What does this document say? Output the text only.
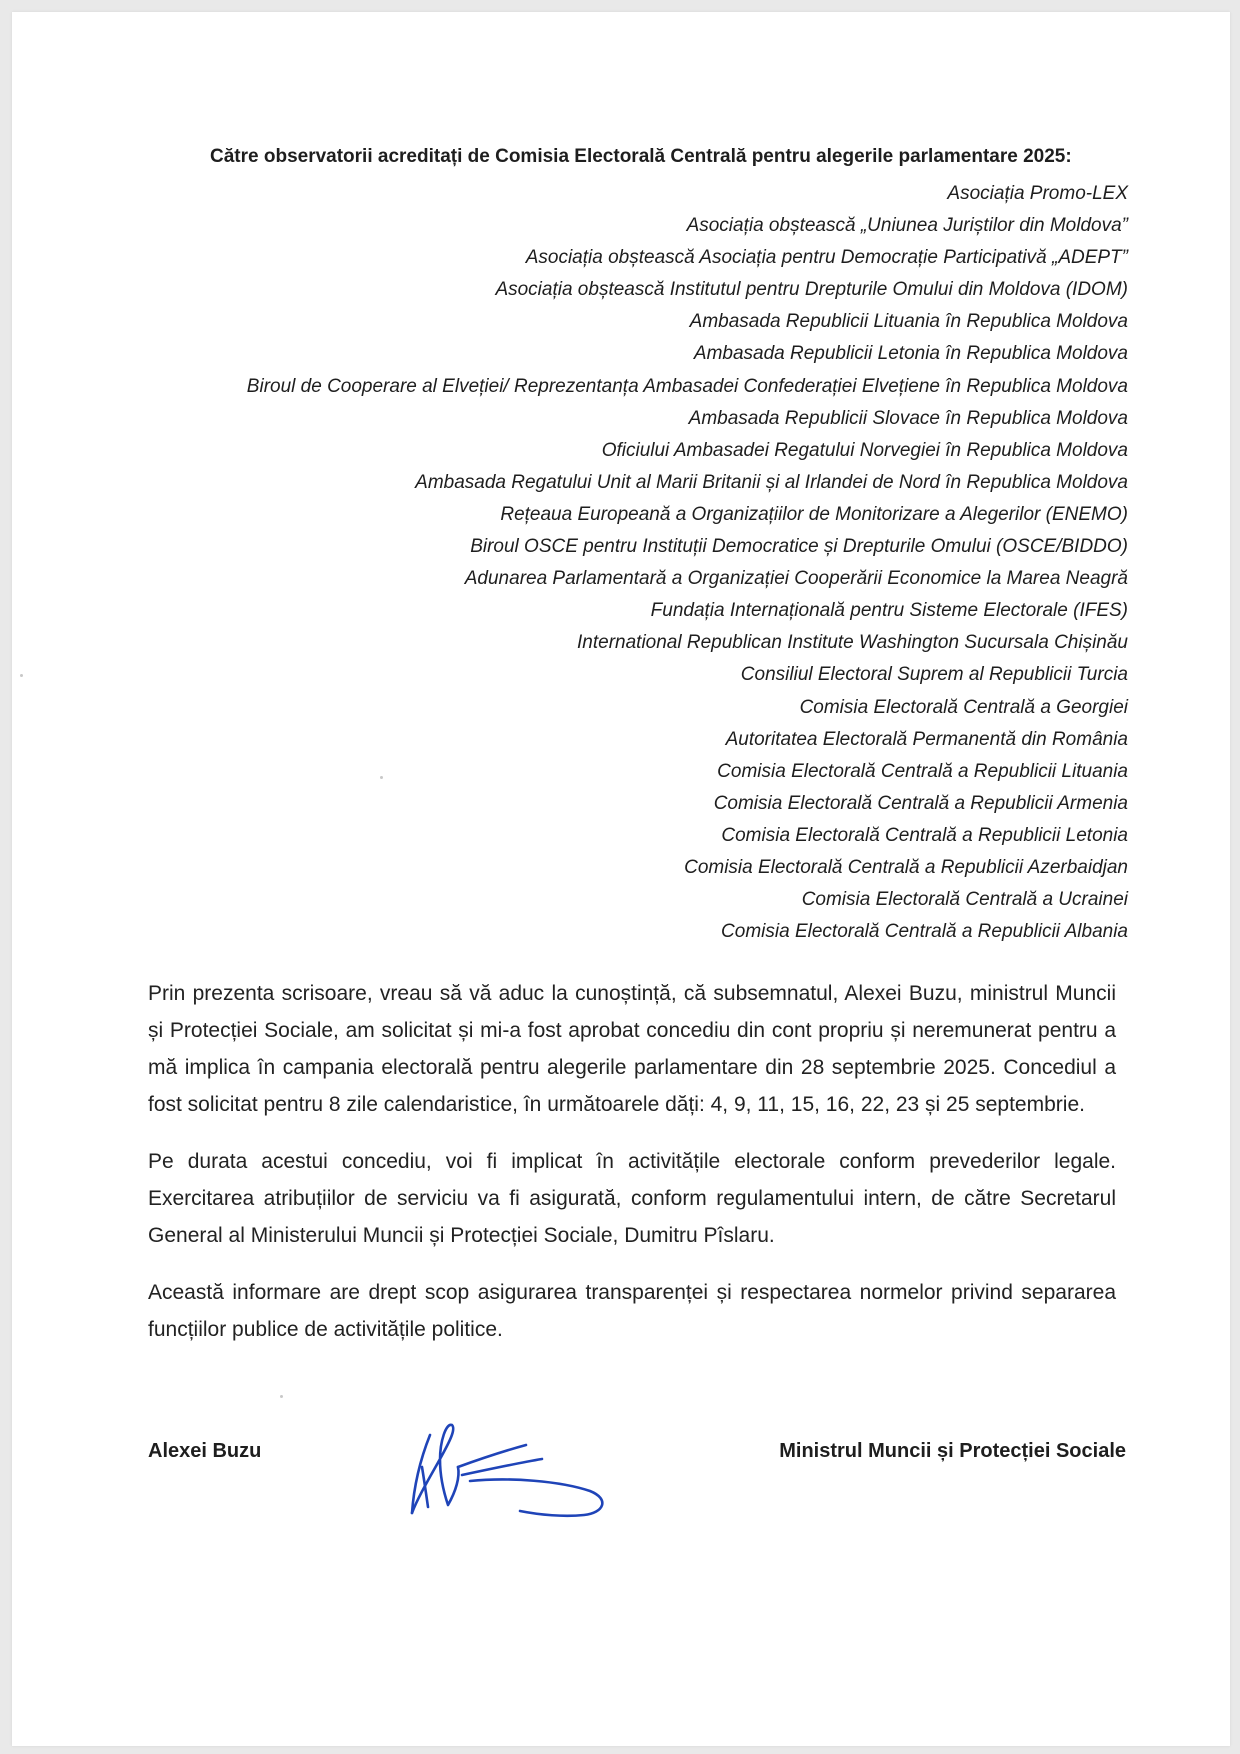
Către observatorii acreditați de Comisia Electorală Centrală pentru alegerile parlamentare 2025:
Asociația Promo-LEX
Asociația obștească „Uniunea Juriștilor din Moldova”
Asociația obștească Asociația pentru Democrație Participativă „ADEPT”
Asociația obștească Institutul pentru Drepturile Omului din Moldova (IDOM)
Ambasada Republicii Lituania în Republica Moldova
Ambasada Republicii Letonia în Republica Moldova
Biroul de Cooperare al Elveției/ Reprezentanța Ambasadei Confederației Elvețiene în Republica Moldova
Ambasada Republicii Slovace în Republica Moldova
Oficiului Ambasadei Regatului Norvegiei în Republica Moldova
Ambasada Regatului Unit al Marii Britanii și al Irlandei de Nord în Republica Moldova
Rețeaua Europeană a Organizațiilor de Monitorizare a Alegerilor (ENEMO)
Biroul OSCE pentru Instituții Democratice și Drepturile Omului (OSCE/BIDDO)
Adunarea Parlamentară a Organizației Cooperării Economice la Marea Neagră
Fundația Internațională pentru Sisteme Electorale (IFES)
International Republican Institute Washington Sucursala Chișinău
Consiliul Electoral Suprem al Republicii Turcia
Comisia Electorală Centrală a Georgiei
Autoritatea Electorală Permanentă din România
Comisia Electorală Centrală a Republicii Lituania
Comisia Electorală Centrală a Republicii Armenia
Comisia Electorală Centrală a Republicii Letonia
Comisia Electorală Centrală a Republicii Azerbaidjan
Comisia Electorală Centrală a Ucrainei
Comisia Electorală Centrală a Republicii Albania

Prin prezenta scrisoare, vreau să vă aduc la cunoștință, că subsemnatul, Alexei Buzu, ministrul Muncii și Protecției Sociale, am solicitat și mi-a fost aprobat concediu din cont propriu și neremunerat pentru a mă implica în campania electorală pentru alegerile parlamentare din 28 septembrie 2025. Concediul a fost solicitat pentru 8 zile calendaristice, în următoarele dăți: 4, 9, 11, 15, 16, 22, 23 și 25 septembrie.

Pe durata acestui concediu, voi fi implicat în activitățile electorale conform prevederilor legale. Exercitarea atribuțiilor de serviciu va fi asigurată, conform regulamentului intern, de către Secretarul General al Ministerului Muncii și Protecției Sociale, Dumitru Pîslaru.

Această informare are drept scop asigurarea transparenței și respectarea normelor privind separarea funcțiilor publice de activitățile politice.

Alexei Buzu	Ministrul Muncii și Protecției Sociale
